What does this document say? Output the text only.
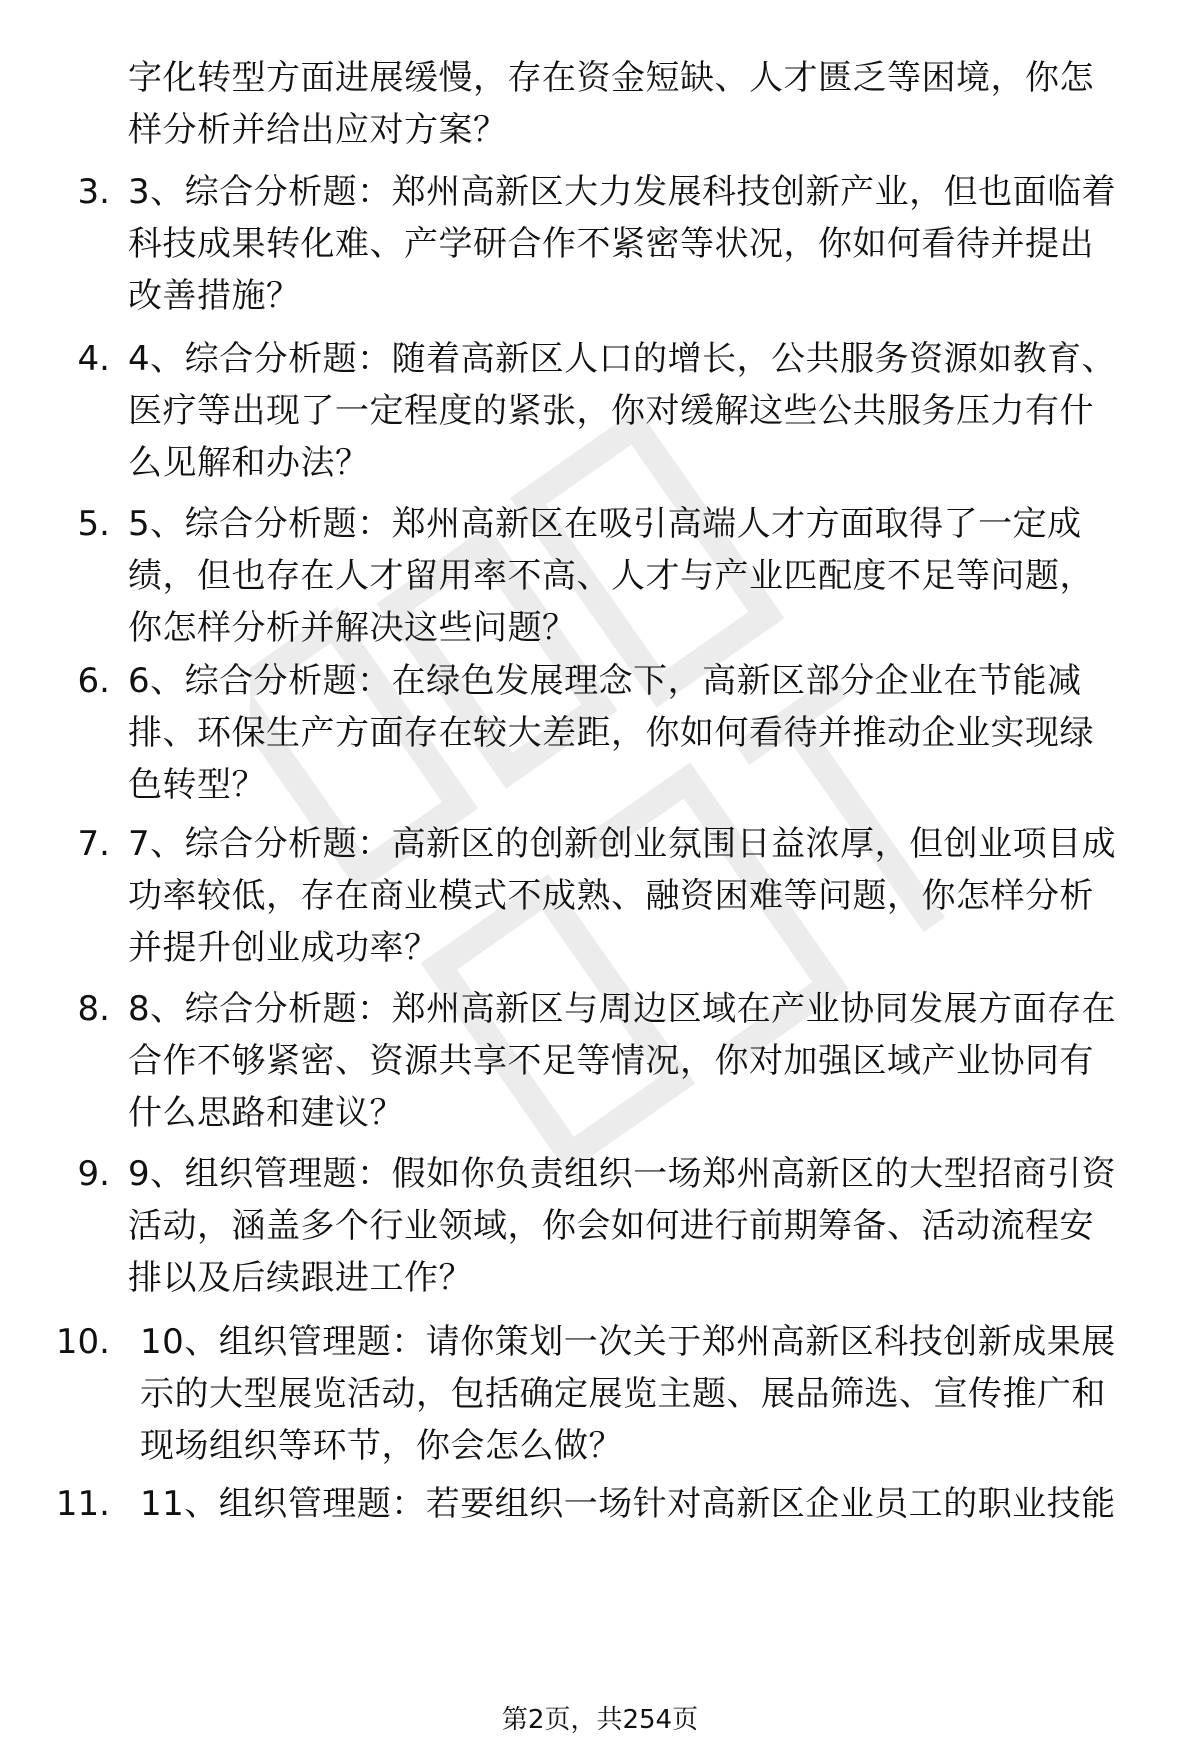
字化转型方面进展缓慢，存在资金短缺、人才匮乏等困境，你怎
样分析并给出应对方案？
3. 3、综合分析题：郑州高新区大力发展科技创新产业，但也面临着
科技成果转化难、产学研合作不紧密等状况，你如何看待并提出
改善措施？
4. 4、综合分析题：随着高新区人口的增长，公共服务资源如教育、
医疗等出现了一定程度的紧张，你对缓解这些公共服务压力有什
么见解和办法？
5. 5、综合分析题：郑州高新区在吸引高端人才方面取得了一定成
绩，但也存在人才留用率不高、人才与产业匹配度不足等问题，
你怎样分析并解决这些问题？
6. 6、综合分析题：在绿色发展理念下，高新区部分企业在节能减
排、环保生产方面存在较大差距，你如何看待并推动企业实现绿
色转型？
7. 7、综合分析题：高新区的创新创业氛围日益浓厚，但创业项目成
功率较低，存在商业模式不成熟、融资困难等问题，你怎样分析
并提升创业成功率？
8. 8、综合分析题：郑州高新区与周边区域在产业协同发展方面存在
合作不够紧密、资源共享不足等情况，你对加强区域产业协同有
什么思路和建议？
9. 9、组织管理题：假如你负责组织一场郑州高新区的大型招商引资
活动，涵盖多个行业领域，你会如何进行前期筹备、活动流程安
排以及后续跟进工作？
10. 10、组织管理题：请你策划一次关于郑州高新区科技创新成果展
示的大型展览活动，包括确定展览主题、展品筛选、宣传推广和
现场组织等环节，你会怎么做？
11. 11、组织管理题：若要组织一场针对高新区企业员工的职业技能
第2页，共254页
